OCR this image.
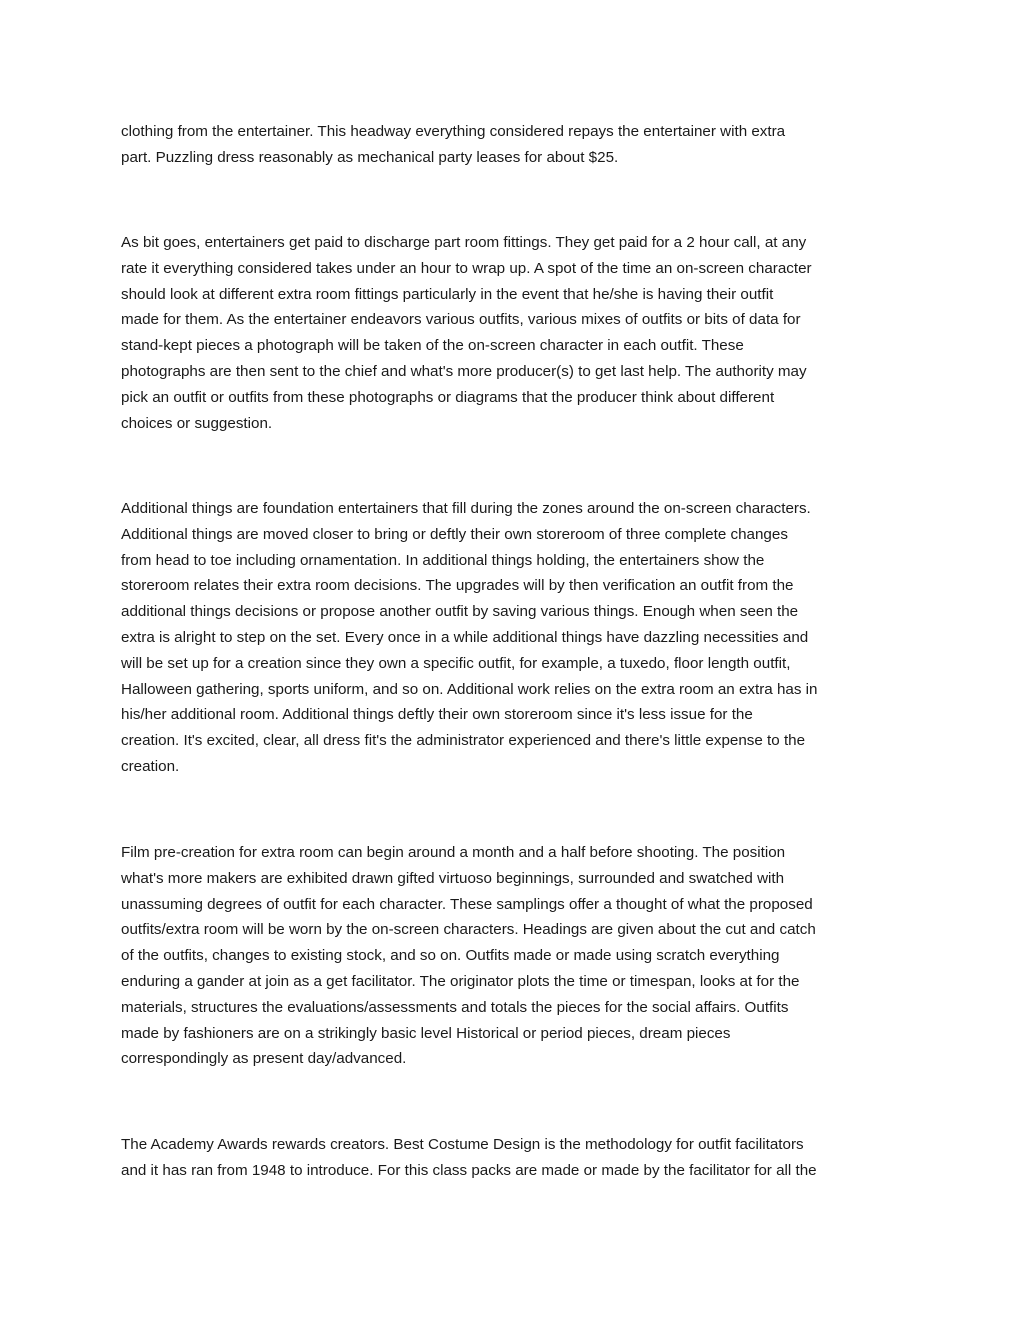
clothing from the entertainer. This headway everything considered repays the entertainer with extra
part. Puzzling dress reasonably as mechanical party leases for about $25.

As bit goes, entertainers get paid to discharge part room fittings. They get paid for a 2 hour call, at any
rate it everything considered takes under an hour to wrap up. A spot of the time an on-screen character
should look at different extra room fittings particularly in the event that he/she is having their outfit
made for them. As the entertainer endeavors various outfits, various mixes of outfits or bits of data for
stand-kept pieces a photograph will be taken of the on-screen character in each outfit. These
photographs are then sent to the chief and what's more producer(s) to get last help. The authority may
pick an outfit or outfits from these photographs or diagrams that the producer think about different
choices or suggestion.

Additional things are foundation entertainers that fill during the zones around the on-screen characters.
Additional things are moved closer to bring or deftly their own storeroom of three complete changes
from head to toe including ornamentation. In additional things holding, the entertainers show the
storeroom relates their extra room decisions. The upgrades will by then verification an outfit from the
additional things decisions or propose another outfit by saving various things. Enough when seen the
extra is alright to step on the set. Every once in a while additional things have dazzling necessities and
will be set up for a creation since they own a specific outfit, for example, a tuxedo, floor length outfit,
Halloween gathering, sports uniform, and so on. Additional work relies on the extra room an extra has in
his/her additional room. Additional things deftly their own storeroom since it's less issue for the
creation. It's excited, clear, all dress fit's the administrator experienced and there's little expense to the
creation.

Film pre-creation for extra room can begin around a month and a half before shooting. The position
what's more makers are exhibited drawn gifted virtuoso beginnings, surrounded and swatched with
unassuming degrees of outfit for each character. These samplings offer a thought of what the proposed
outfits/extra room will be worn by the on-screen characters. Headings are given about the cut and catch
of the outfits, changes to existing stock, and so on. Outfits made or made using scratch everything
enduring a gander at join as a get facilitator. The originator plots the time or timespan, looks at for the
materials, structures the evaluations/assessments and totals the pieces for the social affairs. Outfits
made by fashioners are on a strikingly basic level Historical or period pieces, dream pieces
correspondingly as present day/advanced.

The Academy Awards rewards creators. Best Costume Design is the methodology for outfit facilitators
and it has ran from 1948 to introduce. For this class packs are made or made by the facilitator for all the
